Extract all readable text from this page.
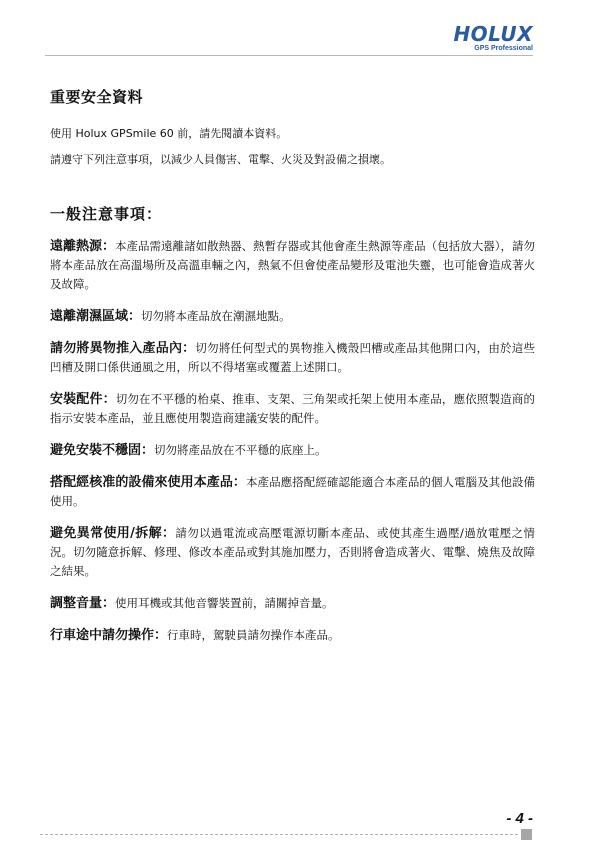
HOLUX
GPS Professional
重要安全資料

使用 Holux GPSmile 60 前，請先閱讀本資料。

請遵守下列注意事項，以減少人員傷害、電擊、火災及對設備之損壞。

一般注意事項：

遠離熱源：本產品需遠離諸如散熱器、熱暫存器或其他會產生熱源等產品（包括放大器），請勿將本產品放在高溫場所及高溫車輛之內，熱氣不但會使產品變形及電池失靈，也可能會造成著火及故障。

遠離潮濕區域：切勿將本產品放在潮濕地點。

請勿將異物推入產品內：切勿將任何型式的異物推入機殼凹槽或產品其他開口內，由於這些凹槽及開口係供通風之用，所以不得堵塞或覆蓋上述開口。

安裝配件：切勿在不平穩的枱桌、推車、支架、三角架或托架上使用本產品，應依照製造商的指示安裝本產品，並且應使用製造商建議安裝的配件。

避免安裝不穩固：切勿將產品放在不平穩的底座上。

搭配經核准的設備來使用本產品：本產品應搭配經確認能適合本產品的個人電腦及其他設備使用。

避免異常使用/拆解：請勿以過電流或高壓電源切斷本產品、或使其產生過壓/過放電壓之情況。切勿隨意拆解、修理、修改本產品或對其施加壓力，否則將會造成著火、電擊、燒焦及故障之結果。

調整音量：使用耳機或其他音響裝置前，請關掉音量。

行車途中請勿操作：行車時，駕駛員請勿操作本產品。

- 4 -
